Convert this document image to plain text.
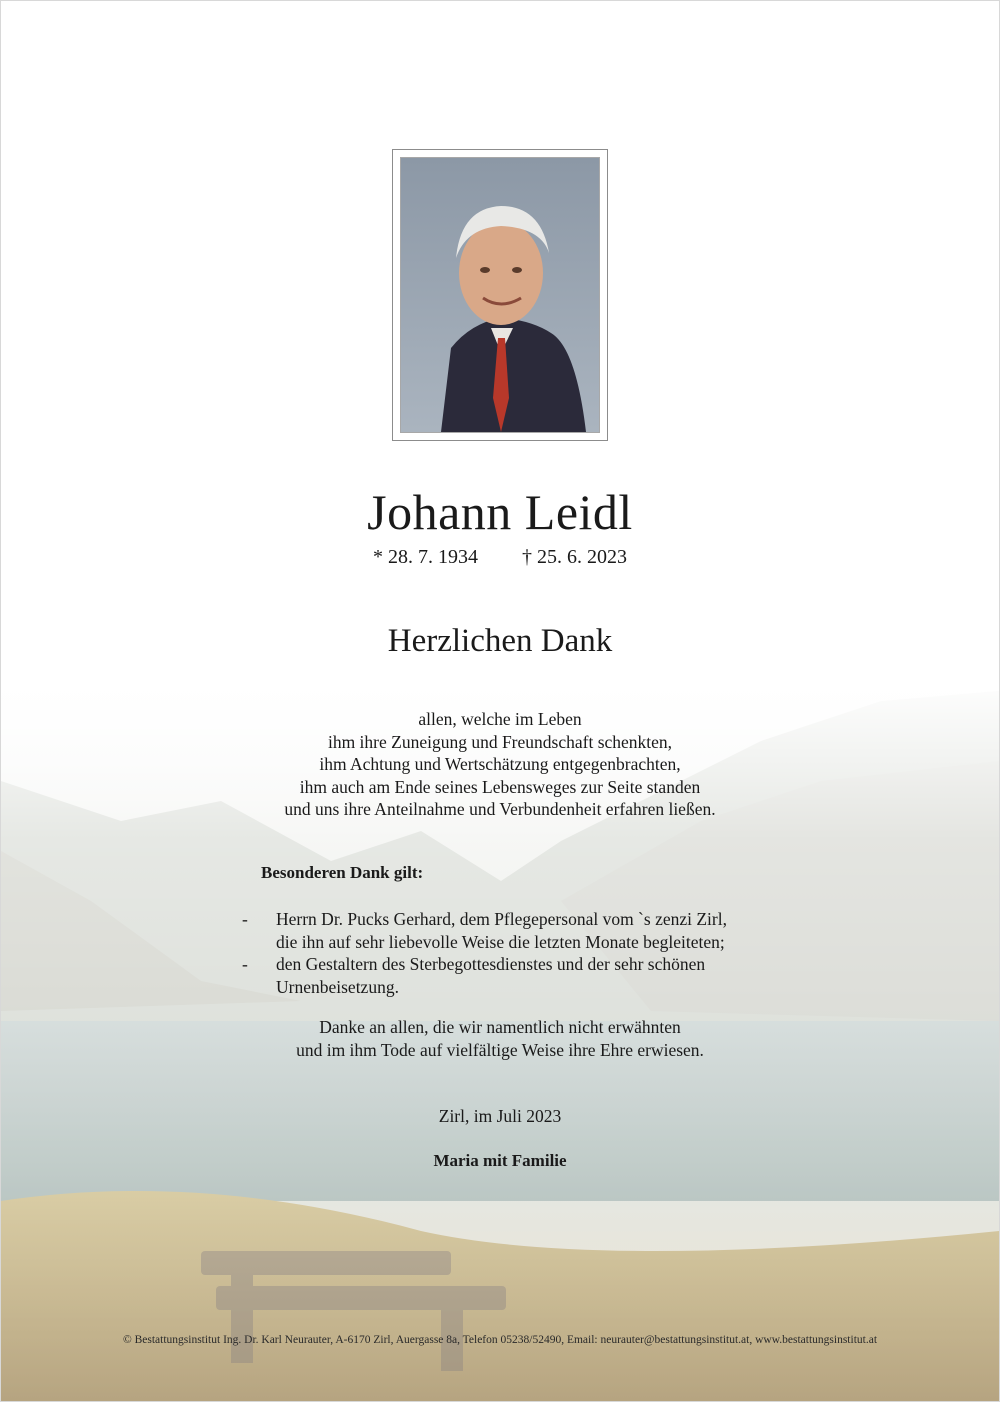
Johann Leidl
* 28. 7. 1934 † 25. 6. 2023
Herzlichen Dank
allen, welche im Leben
ihm ihre Zuneigung und Freundschaft schenkten,
ihm Achtung und Wertschätzung entgegenbrachten,
ihm auch am Ende seines Lebensweges zur Seite standen
und uns ihre Anteilnahme und Verbundenheit erfahren ließen.
Besonderen Dank gilt:
- Herrn Dr. Pucks Gerhard, dem Pflegepersonal vom `s zenzi Zirl,
die ihn auf sehr liebevolle Weise die letzten Monate begleiteten;
- den Gestaltern des Sterbegottesdienstes und der sehr schönen
Urnenbeisetzung.
Danke an allen, die wir namentlich nicht erwähnten
und im ihm Tode auf vielfältige Weise ihre Ehre erwiesen.
Zirl, im Juli 2023
Maria mit Familie
© Bestattungsinstitut Ing. Dr. Karl Neurauter, A-6170 Zirl, Auergasse 8a, Telefon 05238/52490, Email: neurauter@bestattungsinstitut.at, www.bestattungsinstitut.at
